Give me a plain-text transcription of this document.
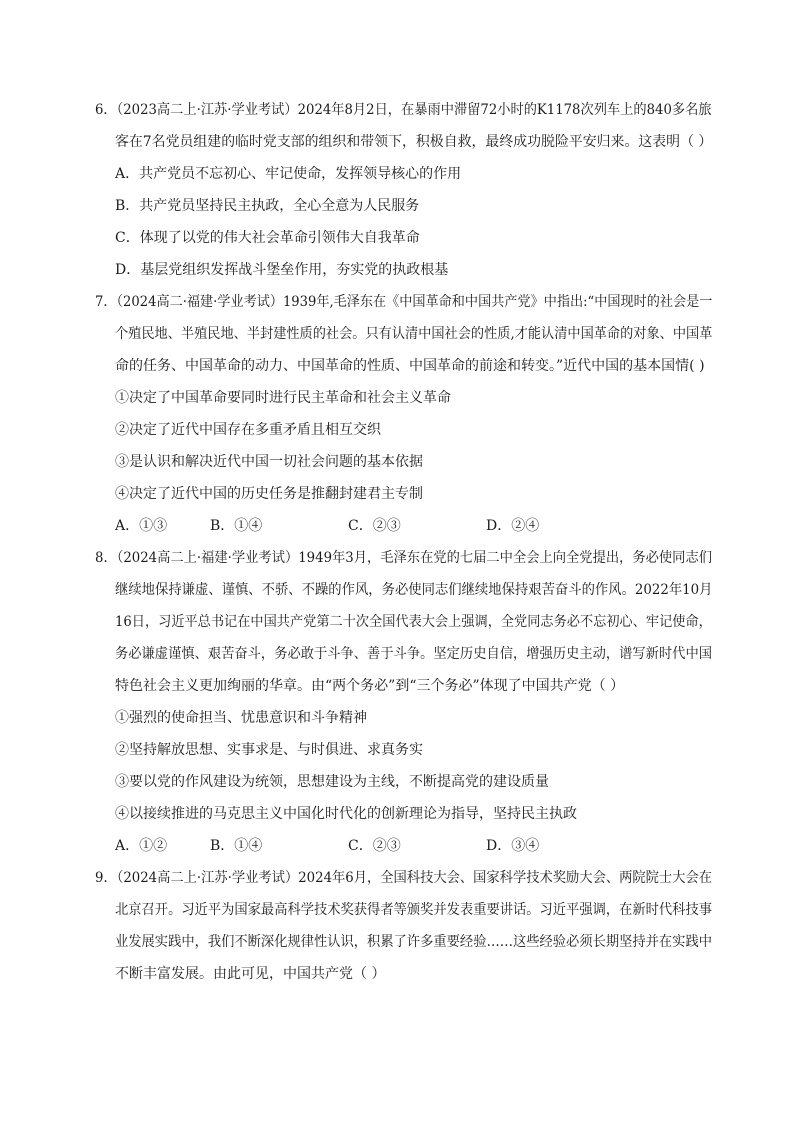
6．（2023高二上·江苏·学业考试）2024年8月2日，在暴雨中滞留72小时的K1178次列车上的840多名旅
客在7名党员组建的临时党支部的组织和带领下，积极自救，最终成功脱险平安归来。这表明（ ）
A．共产党员不忘初心、牢记使命，发挥领导核心的作用
B．共产党员坚持民主执政，全心全意为人民服务
C．体现了以党的伟大社会革命引领伟大自我革命
D．基层党组织发挥战斗堡垒作用，夯实党的执政根基
7．（2024高二·福建·学业考试）1939年,毛泽东在《中国革命和中国共产党》中指出:“中国现时的社会是一
个殖民地、半殖民地、半封建性质的社会。只有认清中国社会的性质,才能认清中国革命的对象、中国革
命的任务、中国革命的动力、中国革命的性质、中国革命的前途和转变。”近代中国的基本国情( )
①决定了中国革命要同时进行民主革命和社会主义革命
②决定了近代中国存在多重矛盾且相互交织
③是认识和解决近代中国一切社会问题的基本依据
④决定了近代中国的历史任务是推翻封建君主专制
A．①③	B．①④	C．②③	D．②④
8．（2024高二上·福建·学业考试）1949年3月，毛泽东在党的七届二中全会上向全党提出，务必使同志们
继续地保持谦虚、谨慎、不骄、不躁的作风，务必使同志们继续地保持艰苦奋斗的作风。2022年10月
16日，习近平总书记在中国共产党第二十次全国代表大会上强调，全党同志务必不忘初心、牢记使命，
务必谦虚谨慎、艰苦奋斗，务必敢于斗争、善于斗争。坚定历史自信，增强历史主动，谱写新时代中国
特色社会主义更加绚丽的华章。由“两个务必”到“三个务必”体现了中国共产党（ ）
①强烈的使命担当、忧患意识和斗争精神
②坚持解放思想、实事求是、与时俱进、求真务实
③要以党的作风建设为统领，思想建设为主线，不断提高党的建设质量
④以接续推进的马克思主义中国化时代化的创新理论为指导，坚持民主执政
A．①②	B．①④	C．②③	D．③④
9．（2024高二上·江苏·学业考试）2024年6月，全国科技大会、国家科学技术奖励大会、两院院士大会在
北京召开。习近平为国家最高科学技术奖获得者等颁奖并发表重要讲话。习近平强调，在新时代科技事
业发展实践中，我们不断深化规律性认识，积累了许多重要经验……这些经验必须长期坚持并在实践中
不断丰富发展。由此可见，中国共产党（ ）
